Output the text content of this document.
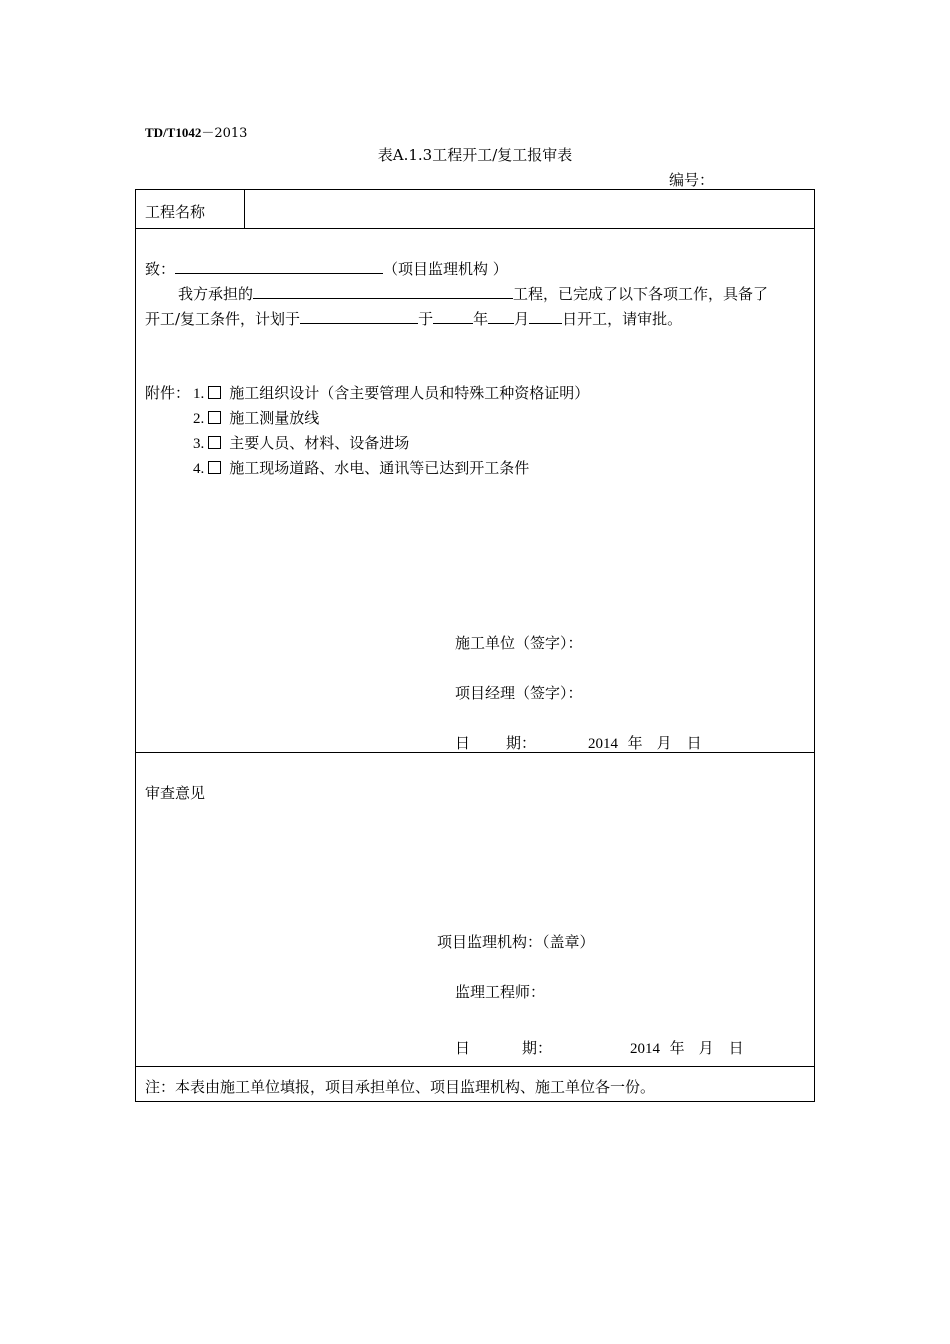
TD/T1042－2013
表A.1.3工程开工/复工报审表
编号：
工程名称
致：	（项目监理机构 ）
我方承担的	工程，已完成了以下各项工作，具备了
开工/复工条件，计划于	于	年 月 日开工，请审批。
附件： 1. 施工组织设计（含主要管理人员和特殊工种资格证明）
2. 施工测量放线
3. 主要人员、材料、设备进场
4. 施工现场道路、水电、通讯等已达到开工条件
施工单位（签字）：
项目经理（签字）：
日 期：	2014 年 月 日
审查意见
项目监理机构：（盖章）
监理工程师：
日	期：	2014 年 月 日
注：本表由施工单位填报，项目承担单位、项目监理机构、施工单位各一份。
